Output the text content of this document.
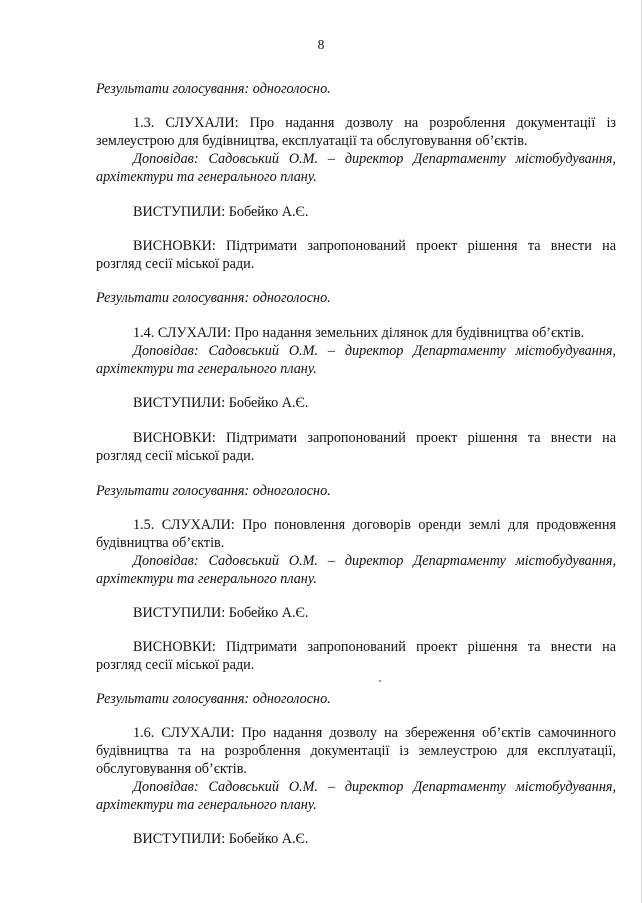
8
Результати голосування: одноголосно.
1.3. СЛУХАЛИ: Про надання дозволу на розроблення документації із
землеустрою для будівництва, експлуатації та обслуговування об’єктів.
Доповідав: Садовський О.М. – директор Департаменту містобудування,
архітектури та генерального плану.
ВИСТУПИЛИ: Бобейко А.Є.
ВИСНОВКИ: Підтримати запропонований проект рішення та внести на
розгляд сесії міської ради.
Результати голосування: одноголосно.
1.4. СЛУХАЛИ: Про надання земельних ділянок для будівництва об’єктів.
Доповідав: Садовський О.М. – директор Департаменту містобудування,
архітектури та генерального плану.
ВИСТУПИЛИ: Бобейко А.Є.
ВИСНОВКИ: Підтримати запропонований проект рішення та внести на
розгляд сесії міської ради.
Результати голосування: одноголосно.
1.5. СЛУХАЛИ: Про поновлення договорів оренди землі для продовження
будівництва об’єктів.
Доповідав: Садовський О.М. – директор Департаменту містобудування,
архітектури та генерального плану.
ВИСТУПИЛИ: Бобейко А.Є.
ВИСНОВКИ: Підтримати запропонований проект рішення та внести на
розгляд сесії міської ради.
Результати голосування: одноголосно.
1.6. СЛУХАЛИ: Про надання дозволу на збереження об’єктів самочинного
будівництва та на розроблення документації із землеустрою для експлуатації,
обслуговування об’єктів.
Доповідав: Садовський О.М. – директор Департаменту містобудування,
архітектури та генерального плану.
ВИСТУПИЛИ: Бобейко А.Є.
